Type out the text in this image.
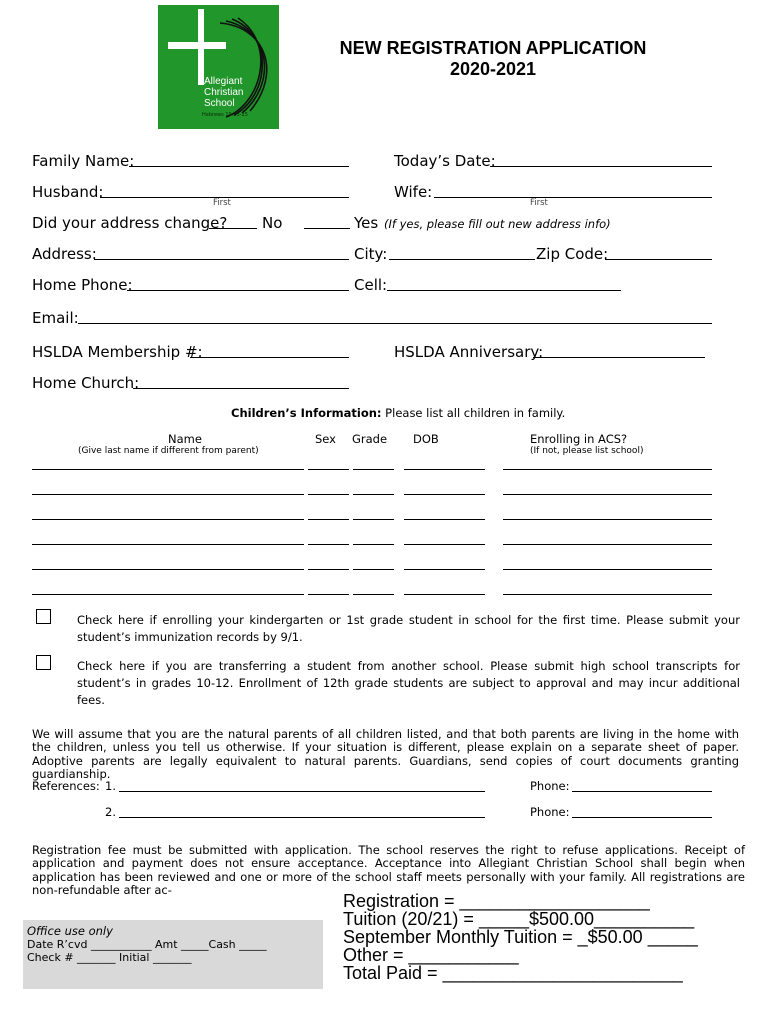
Allegiant
Christian
School
Hebrews 10:23-25
NEW REGISTRATION APPLICATION
2020-2021
Family Name:	Today’s Date:
Husband:
First
Wife:
First
Did your address change? No	Yes (If yes, please fill out new address info)
Address:	City:	Zip Code:
Home Phone:	Cell:
Email:
HSLDA Membership #:	HSLDA Anniversary:
Home Church:
Children’s Information: Please list all children in family.
Name
(Give last name if different from parent)
Sex Grade DOB	Enrolling in ACS?
(If not, please list school)
Check here if enrolling your kindergarten or 1st grade student in school for the first time. Please submit your student’s immunization records by 9/1.
Check here if you are transferring a student from another school. Please submit high school transcripts for student’s in grades 10-12. Enrollment of 12th grade students are subject to approval and may incur additional fees.
We will assume that you are the natural parents of all children listed, and that both parents are living in the home with the children, unless you tell us otherwise. If your situation is different, please explain on a separate sheet of paper. Adoptive parents are legally equivalent to natural parents. Guardians, send copies of court documents granting guardianship.
References: 1.	Phone:
2.	Phone:
Registration fee must be submitted with application. The school reserves the right to refuse applications. Receipt of application and payment does not ensure acceptance. Acceptance into Allegiant Christian School shall begin when application has been reviewed and one or more of the school staff meets personally with your family. All registrations are non-refundable after ac-
Office use only
Date R’cvd ___________ Amt _____Cash _____
Check # _______ Initial _______
Registration = ___________________
Tuition (20/21) = _____$500.00__________
September Monthly Tuition = _$50.00 _____
Other = ___________
Total Paid = ________________________
